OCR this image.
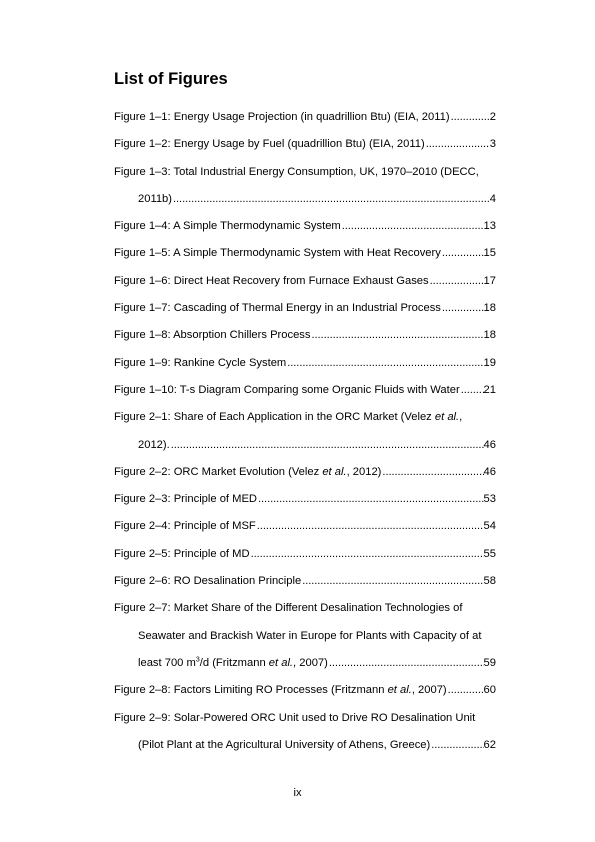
List of Figures
Figure 1–1: Energy Usage Projection (in quadrillion Btu) (EIA, 2011) . . .	2
Figure 1–2: Energy Usage by Fuel (quadrillion Btu) (EIA, 2011) . . .	3
Figure 1–3: Total Industrial Energy Consumption, UK, 1970–2010 (DECC,
2011b) . . .	4
Figure 1–4: A Simple Thermodynamic System . . .	13
Figure 1–5: A Simple Thermodynamic System with Heat Recovery . . .	15
Figure 1–6: Direct Heat Recovery from Furnace Exhaust Gases . . .	17
Figure 1–7: Cascading of Thermal Energy in an Industrial Process . . .	18
Figure 1–8: Absorption Chillers Process . . .	18
Figure 1–9: Rankine Cycle System . . .	19
Figure 1–10: T-s Diagram Comparing some Organic Fluids with Water . . . 21
Figure 2–1: Share of Each Application in the ORC Market (Velez et al.,
2012). . . .	46
Figure 2–2: ORC Market Evolution (Velez et al., 2012) . . .	46
Figure 2–3: Principle of MED . . .	53
Figure 2–4: Principle of MSF . . .	54
Figure 2–5: Principle of MD . . .	55
Figure 2–6: RO Desalination Principle . . .	58
Figure 2–7: Market Share of the Different Desalination Technologies of
Seawater and Brackish Water in Europe for Plants with Capacity of at
least 700 $m^3/d$ (Fritzmann et al., 2007) . . .	59
Figure 2–8: Factors Limiting RO Processes (Fritzmann et al., 2007) . . .	60
Figure 2–9: Solar-Powered ORC Unit used to Drive RO Desalination Unit
(Pilot Plant at the Agricultural University of Athens, Greece) . . .	62
ix
